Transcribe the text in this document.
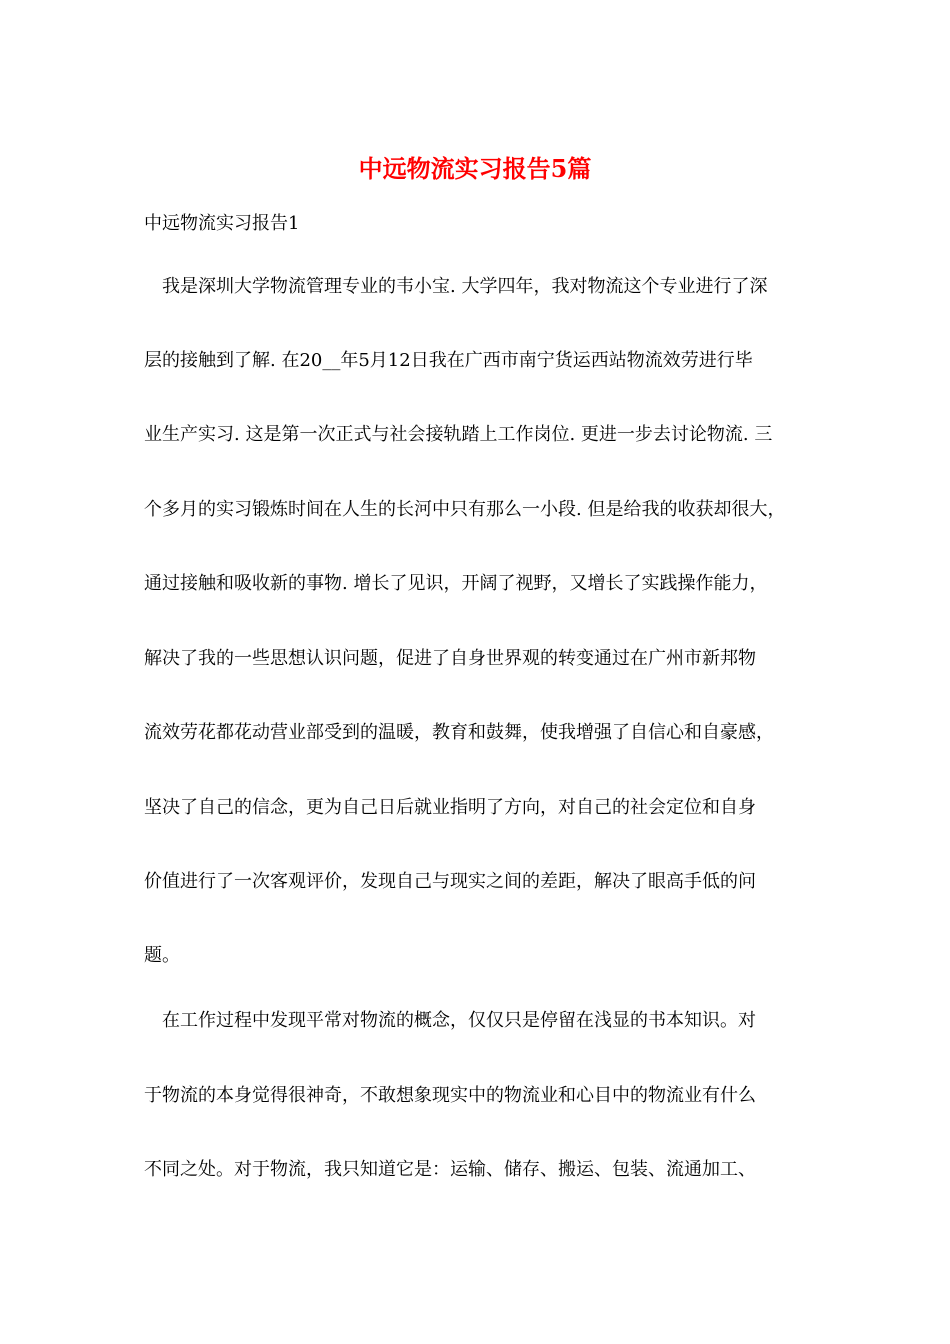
中远物流实习报告5篇
中远物流实习报告1
　我是深圳大学物流管理专业的韦小宝. 大学四年，我对物流这个专业进行了深
层的接触到了解. 在20__年5月12日我在广西市南宁货运西站物流效劳进行毕
业生产实习. 这是第一次正式与社会接轨踏上工作岗位. 更进一步去讨论物流. 三
个多月的实习锻炼时间在人生的长河中只有那么一小段. 但是给我的收获却很大，
通过接触和吸收新的事物. 增长了见识，开阔了视野，又增长了实践操作能力，
解决了我的一些思想认识问题，促进了自身世界观的转变通过在广州市新邦物
流效劳花都花动营业部受到的温暖，教育和鼓舞，使我增强了自信心和自豪感，
坚决了自己的信念，更为自己日后就业指明了方向，对自己的社会定位和自身
价值进行了一次客观评价，发现自己与现实之间的差距，解决了眼高手低的问
题。
　在工作过程中发现平常对物流的概念，仅仅只是停留在浅显的书本知识。对
于物流的本身觉得很神奇，不敢想象现实中的物流业和心目中的物流业有什么
不同之处。对于物流，我只知道它是：运输、储存、搬运、包装、流通加工、
